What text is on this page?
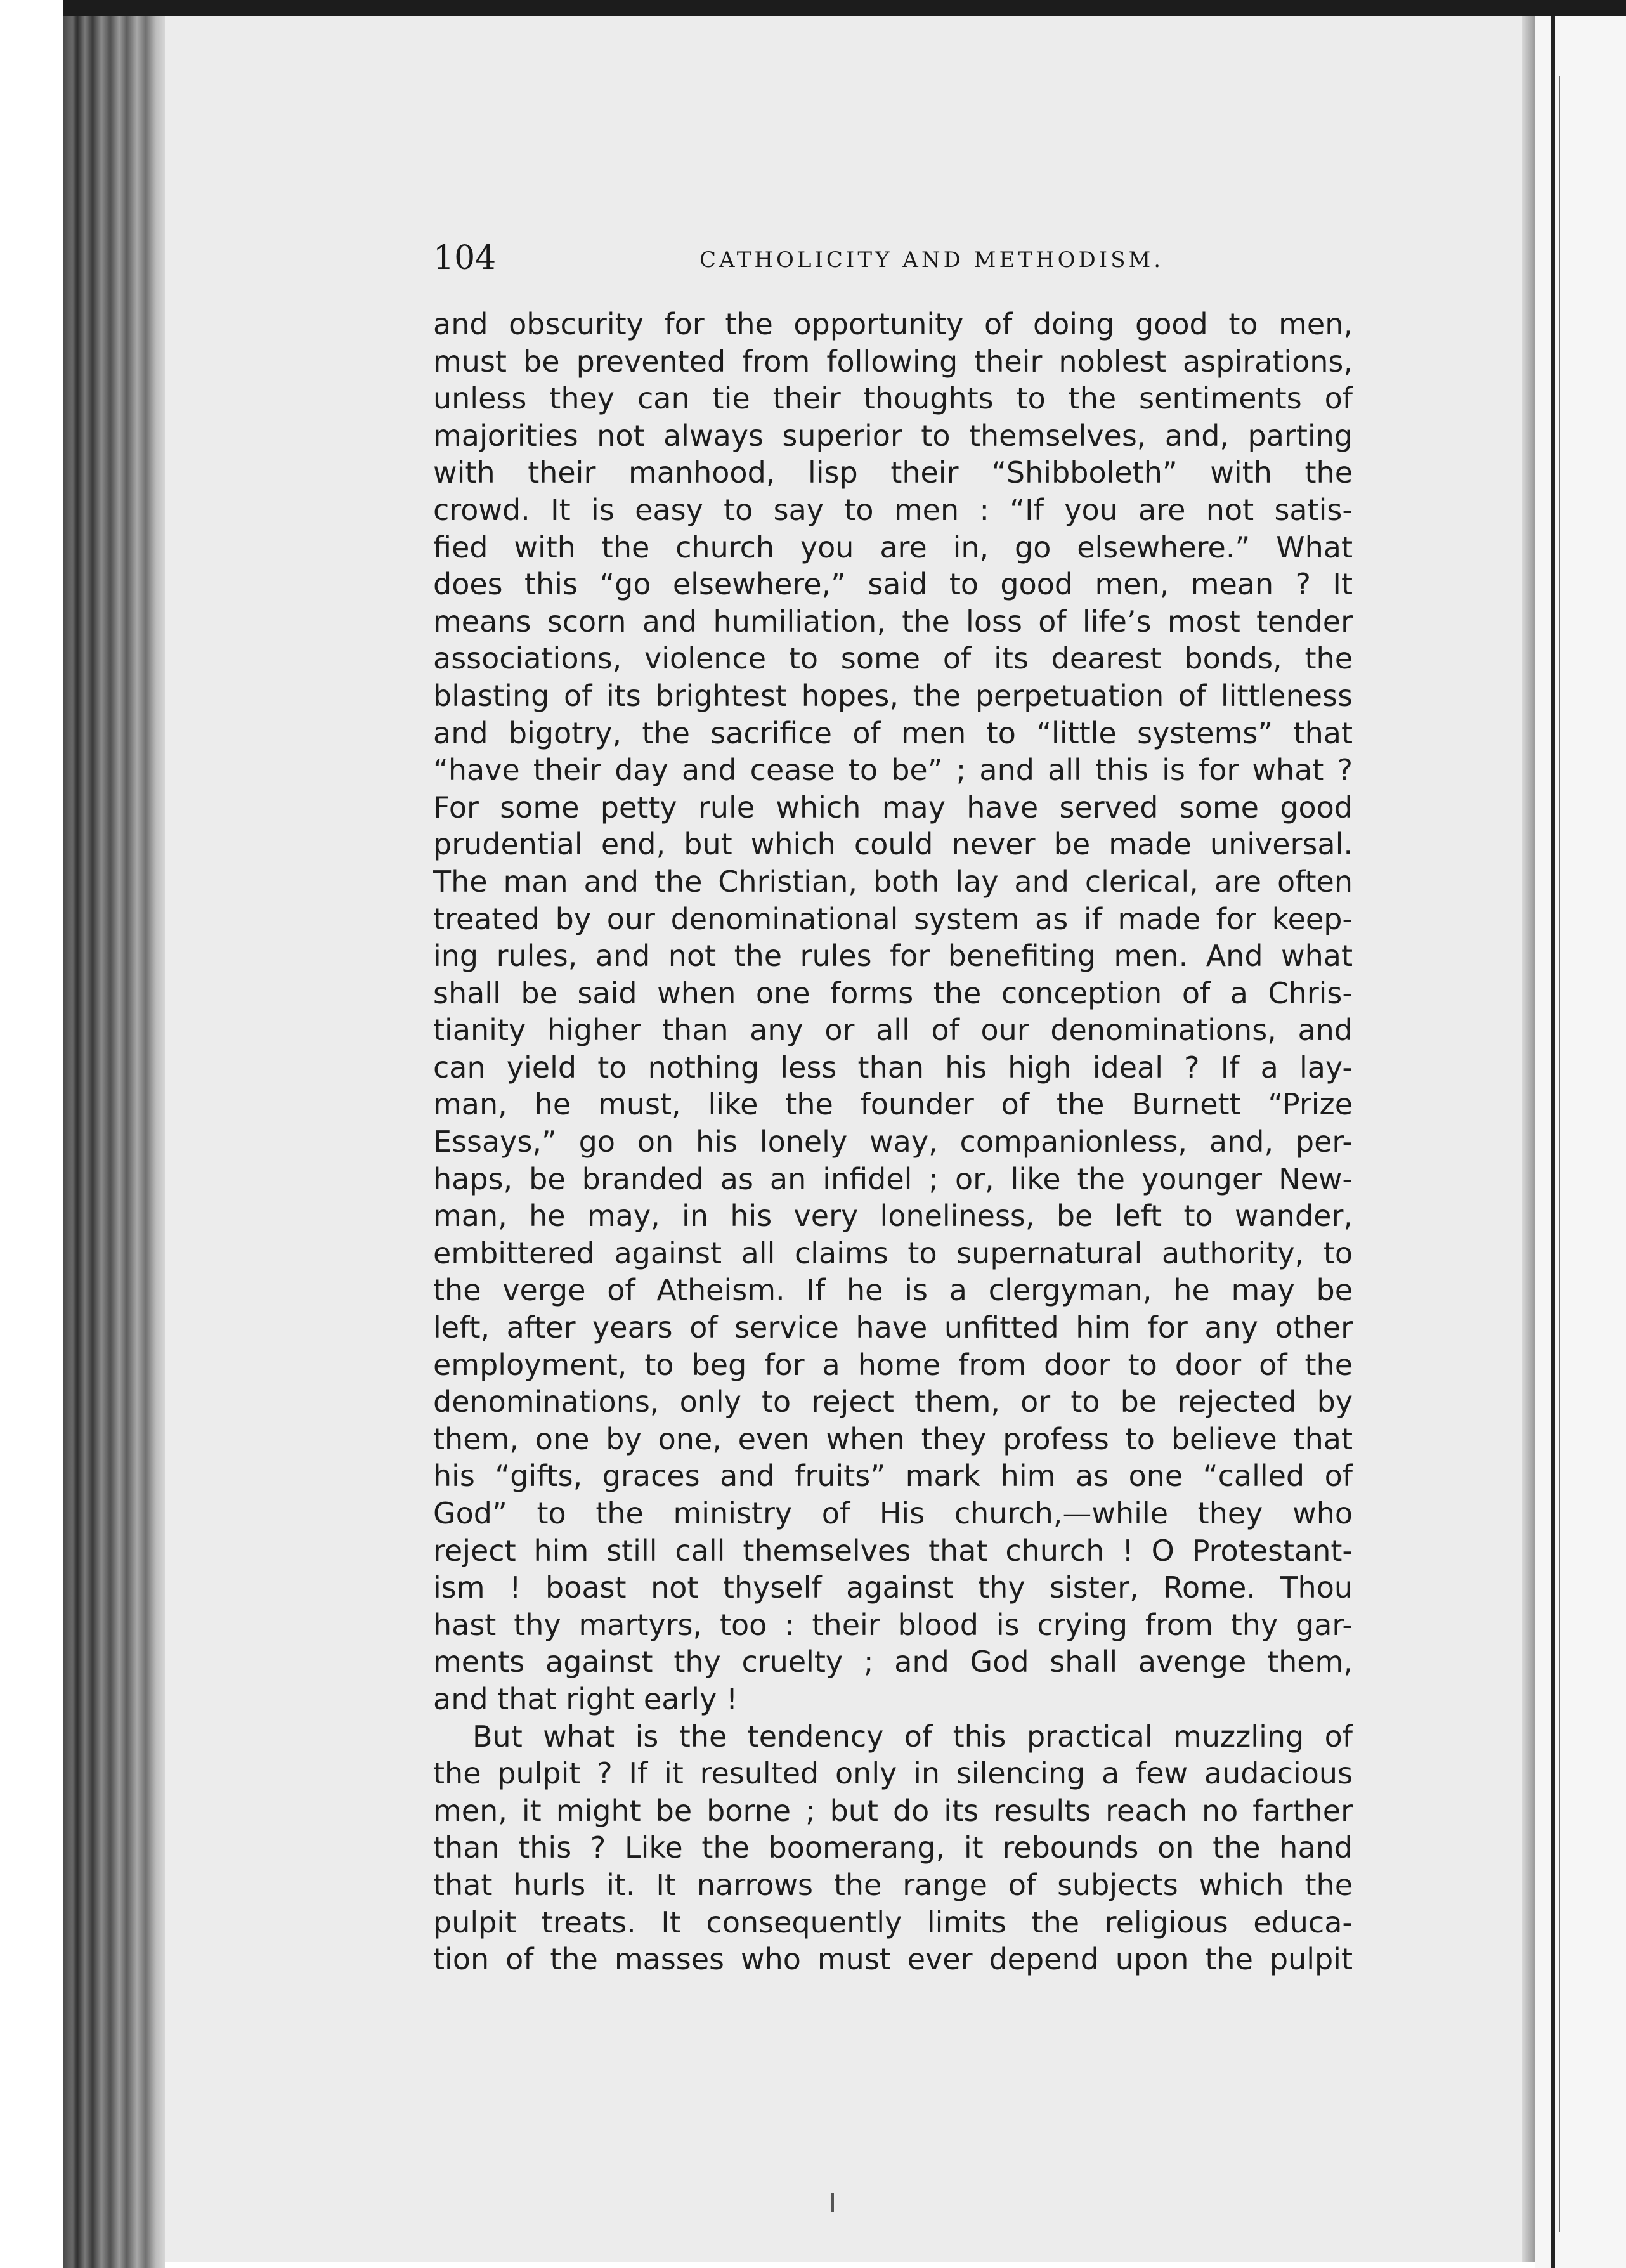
104	CATHOLICITY AND METHODISM.
and obscurity for the opportunity of doing good to men,
must be prevented from following their noblest aspirations,
unless they can tie their thoughts to the sentiments of
majorities not always superior to themselves, and, parting
with their manhood, lisp their “Shibboleth” with the
crowd. It is easy to say to men : “If you are not satis-
fied with the church you are in, go elsewhere.” What
does this “go elsewhere,” said to good men, mean ? It
means scorn and humiliation, the loss of life’s most tender
associations, violence to some of its dearest bonds, the
blasting of its brightest hopes, the perpetuation of littleness
and bigotry, the sacrifice of men to “little systems” that
“have their day and cease to be” ; and all this is for what ?
For some petty rule which may have served some good
prudential end, but which could never be made universal.
The man and the Christian, both lay and clerical, are often
treated by our denominational system as if made for keep-
ing rules, and not the rules for benefiting men. And what
shall be said when one forms the conception of a Chris-
tianity higher than any or all of our denominations, and
can yield to nothing less than his high ideal ? If a lay-
man, he must, like the founder of the Burnett “Prize
Essays,” go on his lonely way, companionless, and, per-
haps, be branded as an infidel ; or, like the younger New-
man, he may, in his very loneliness, be left to wander,
embittered against all claims to supernatural authority, to
the verge of Atheism. If he is a clergyman, he may be
left, after years of service have unfitted him for any other
employment, to beg for a home from door to door of the
denominations, only to reject them, or to be rejected by
them, one by one, even when they profess to believe that
his “gifts, graces and fruits” mark him as one “called of
God” to the ministry of His church,—while they who
reject him still call themselves that church ! O Protestant-
ism ! boast not thyself against thy sister, Rome. Thou
hast thy martyrs, too : their blood is crying from thy gar-
ments against thy cruelty ; and God shall avenge them,
and that right early !
But what is the tendency of this practical muzzling of
the pulpit ? If it resulted only in silencing a few audacious
men, it might be borne ; but do its results reach no farther
than this ? Like the boomerang, it rebounds on the hand
that hurls it. It narrows the range of subjects which the
pulpit treats. It consequently limits the religious educa-
tion of the masses who must ever depend upon the pulpit
